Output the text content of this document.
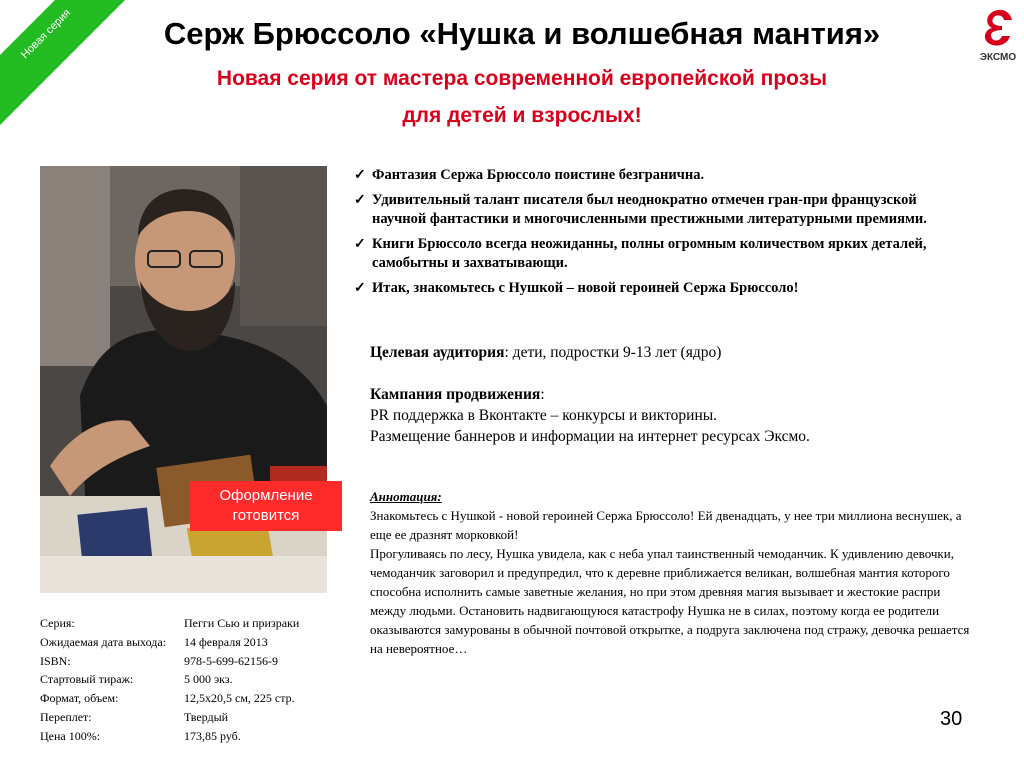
Новая серия	Серж Брюссоло «Нушка и волшебная мантия»
Новая серия от мастера современной европейской прозы
для детей и взрослых!
ЭКСМО
Оформление готовится
✓ Фантазия Сержа Брюссоло поистине безгранична.
✓ Удивительный талант писателя был неоднократно отмечен гран-при французской научной фантастики и многочисленными престижными литературными премиями.
✓ Книги Брюссоло всегда неожиданны, полны огромным количеством ярких деталей, самобытны и захватывающи.
✓ Итак, знакомьтесь с Нушкой – новой героиней Сержа Брюссоло!
Целевая аудитория: дети, подростки 9-13 лет (ядро)
Кампания продвижения:
PR поддержка в Вконтакте – конкурсы и викторины.
Размещение баннеров и информации на интернет ресурсах Эксмо.
Аннотация:
Знакомьтесь с Нушкой - новой героиней Сержа Брюссоло! Ей двенадцать, у нее три миллиона веснушек, а еще ее дразнят морковкой!
Прогуливаясь по лесу, Нушка увидела, как с неба упал таинственный чемоданчик. К удивлению девочки, чемоданчик заговорил и предупредил, что к деревне приближается великан, волшебная мантия которого способна исполнить самые заветные желания, но при этом древняя магия вызывает и жестокие распри между людьми. Остановить надвигающуюся катастрофу Нушка не в силах, поэтому когда ее родители оказываются замурованы в обычной почтовой открытке, а подруга заключена под стражу, девочка решается на невероятное…
Серия:	Пегги Сью и призраки
Ожидаемая дата выхода:	14 февраля 2013
ISBN:	978-5-699-62156-9
Стартовый тираж:	5 000 экз.
Формат, объем:	12,5x20,5 см, 225 стр.
Переплет:	Твердый
Цена 100%:	173,85 руб.
30
